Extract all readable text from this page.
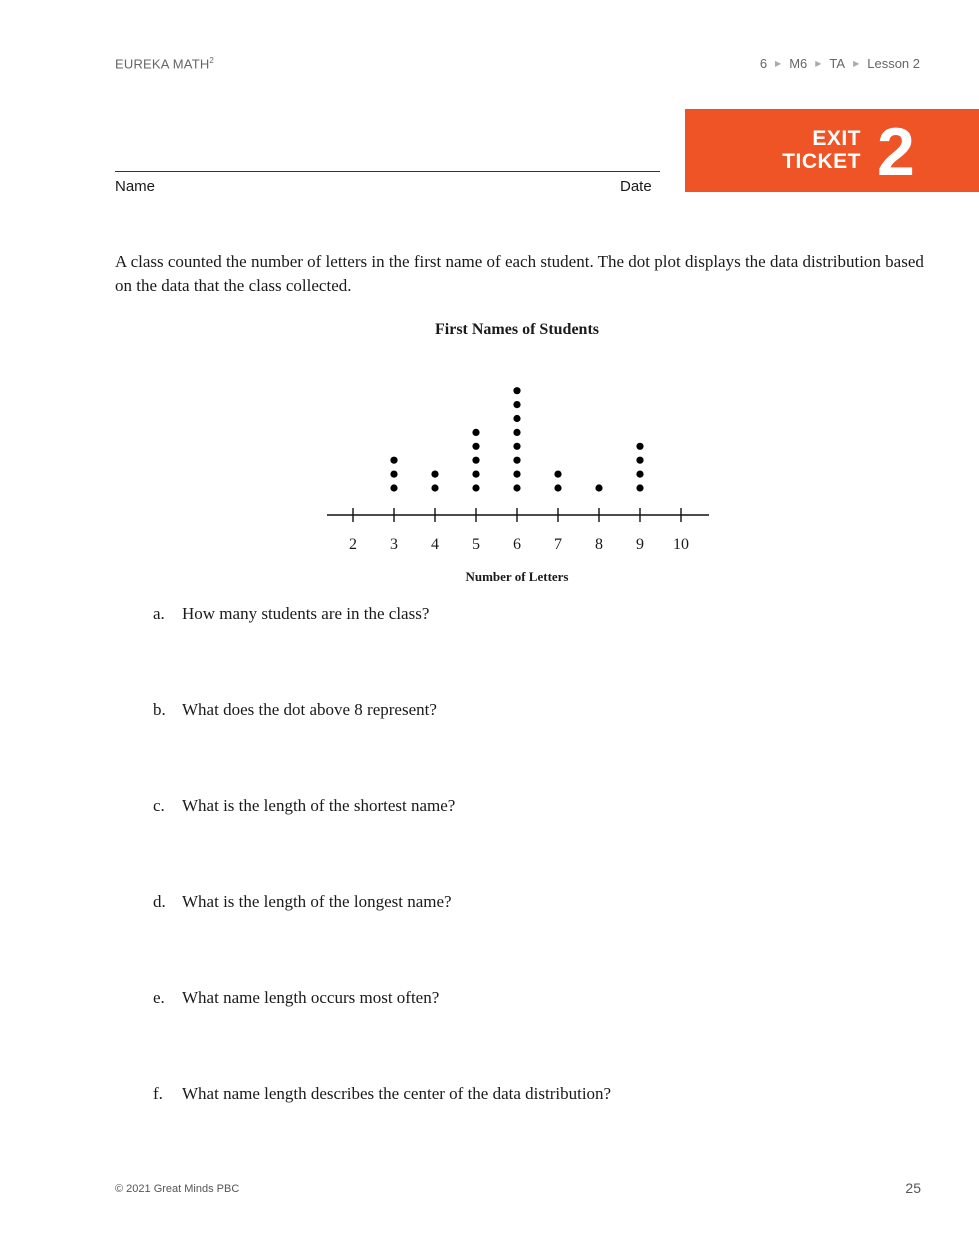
EUREKA MATH$^2$	6 ▶ M6 ▶ TA ▶ Lesson 2
EXIT
TICKET 2
Name	Date
A class counted the number of letters in the first name of each student. The dot plot displays the data distribution based on the data that the class collected.
First Names of Students
2 3 4 5 6 7 8 9 10
Number of Letters
a. How many students are in the class?
b. What does the dot above 8 represent?
c. What is the length of the shortest name?
d. What is the length of the longest name?
e. What name length occurs most often?
f. What name length describes the center of the data distribution?
© 2021 Great Minds PBC	25
